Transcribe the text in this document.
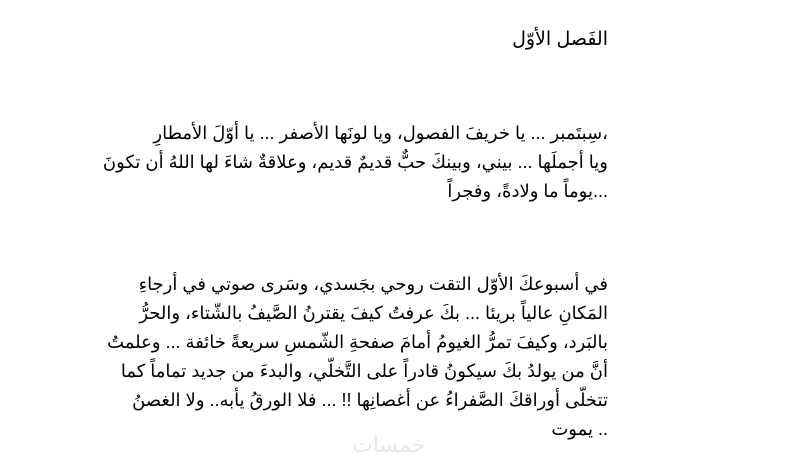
الفَصل الأوّل
،سِبتَمبر ... يا خريفَ الفصول، ويا لونَها الأصفر ... يا أوّلَ الأمطارِ
ويا أجملَها ... بيني، وبينكَ حبٌّ قديمٌ قديم، وعلاقةٌ شاءَ لها اللهُ أن تكونَ
...يوماً ما ولادةً، وفجراً
في أسبوعكَ الأوّل التقت روحي بجَسدي، وسَرى صوتي في أرجاءِ
المَكانِ عالياً بريئا ... بكَ عرفتُ كيفَ يقترنُ الصَّيفُ بالشّتاء، والحرُّ
بالبَرد، وكيفَ تمرُّ الغيومُ أمامَ صفحةِ الشّمسِ سريعةً خائفة ... وعلمتُ
أنَّ من يولدُ بكَ سيكونُ قادراً على التَّخلّي، والبدءَ من جديد تماماً كما
تتخلّى أوراقكَ الصَّفراءُ عن أغصانِها !! ... فلا الورقُ يأبه.. ولا الغصنُ
.. يموت
خمسات
